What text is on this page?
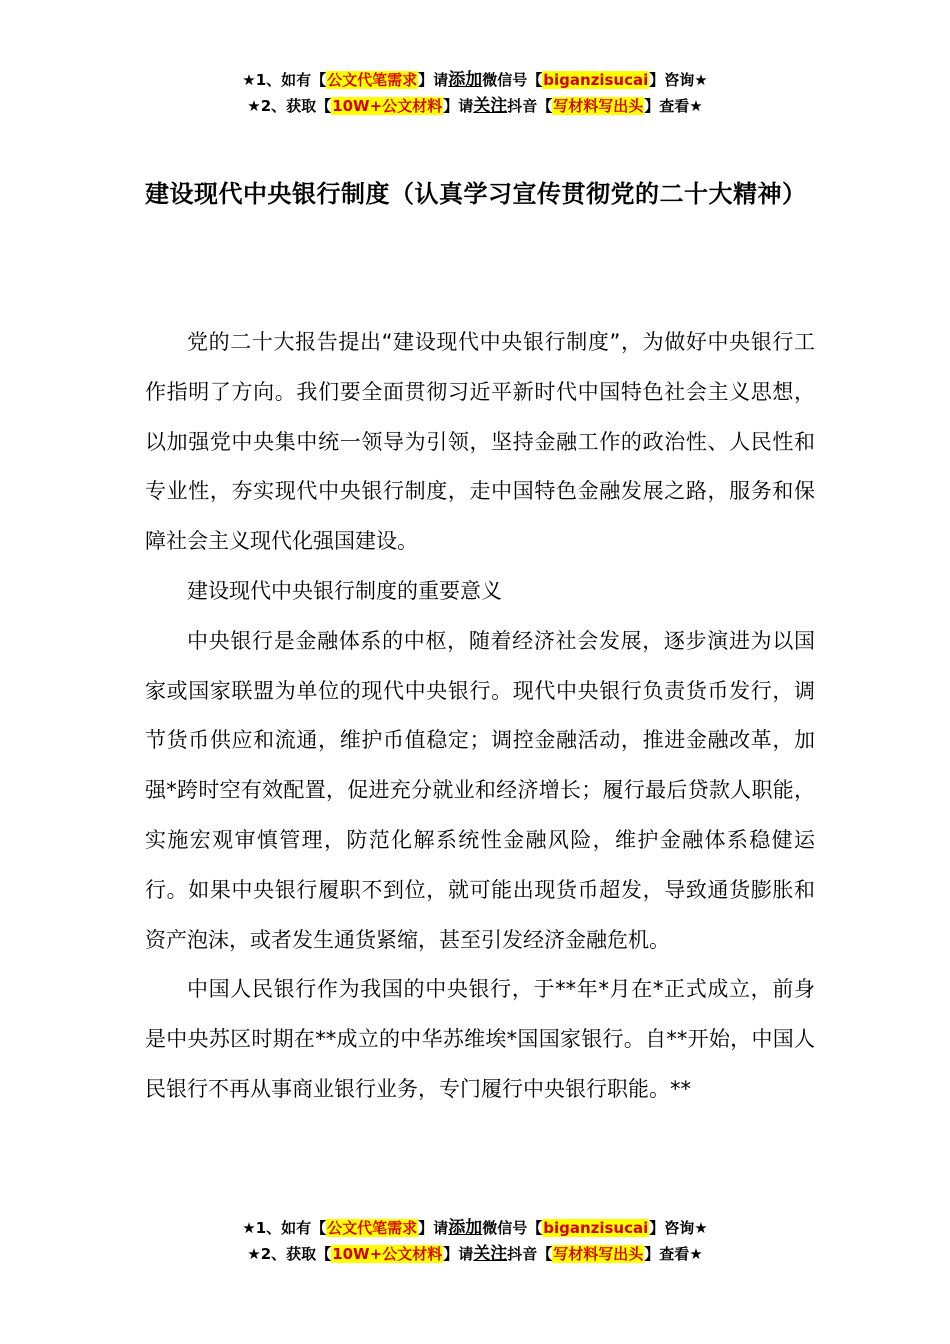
★1、如有【公文代笔需求】请添加微信号【biganzisucai】咨询★
★2、获取【10W+公文材料】请关注抖音【写材料写出头】查看★
建设现代中央银行制度（认真学习宣传贯彻党的二十大精神）

党的二十大报告提出“建设现代中央银行制度”，为做好中央银行工作指明了方向。我们要全面贯彻习近平新时代中国特色社会主义思想，以加强党中央集中统一领导为引领，坚持金融工作的政治性、人民性和专业性，夯实现代中央银行制度，走中国特色金融发展之路，服务和保障社会主义现代化强国建设。

建设现代中央银行制度的重要意义

中央银行是金融体系的中枢，随着经济社会发展，逐步演进为以国家或国家联盟为单位的现代中央银行。现代中央银行负责货币发行，调节货币供应和流通，维护币值稳定；调控金融活动，推进金融改革，加强*跨时空有效配置，促进充分就业和经济增长；履行最后贷款人职能，实施宏观审慎管理，防范化解系统性金融风险，维护金融体系稳健运行。如果中央银行履职不到位，就可能出现货币超发，导致通货膨胀和资产泡沫，或者发生通货紧缩，甚至引发经济金融危机。

中国人民银行作为我国的中央银行，于**年*月在*正式成立，前身是中央苏区时期在**成立的中华苏维埃*国国家银行。自**开始，中国人民银行不再从事商业银行业务，专门履行中央银行职能。**

★1、如有【公文代笔需求】请添加微信号【biganzisucai】咨询★
★2、获取【10W+公文材料】请关注抖音【写材料写出头】查看★
